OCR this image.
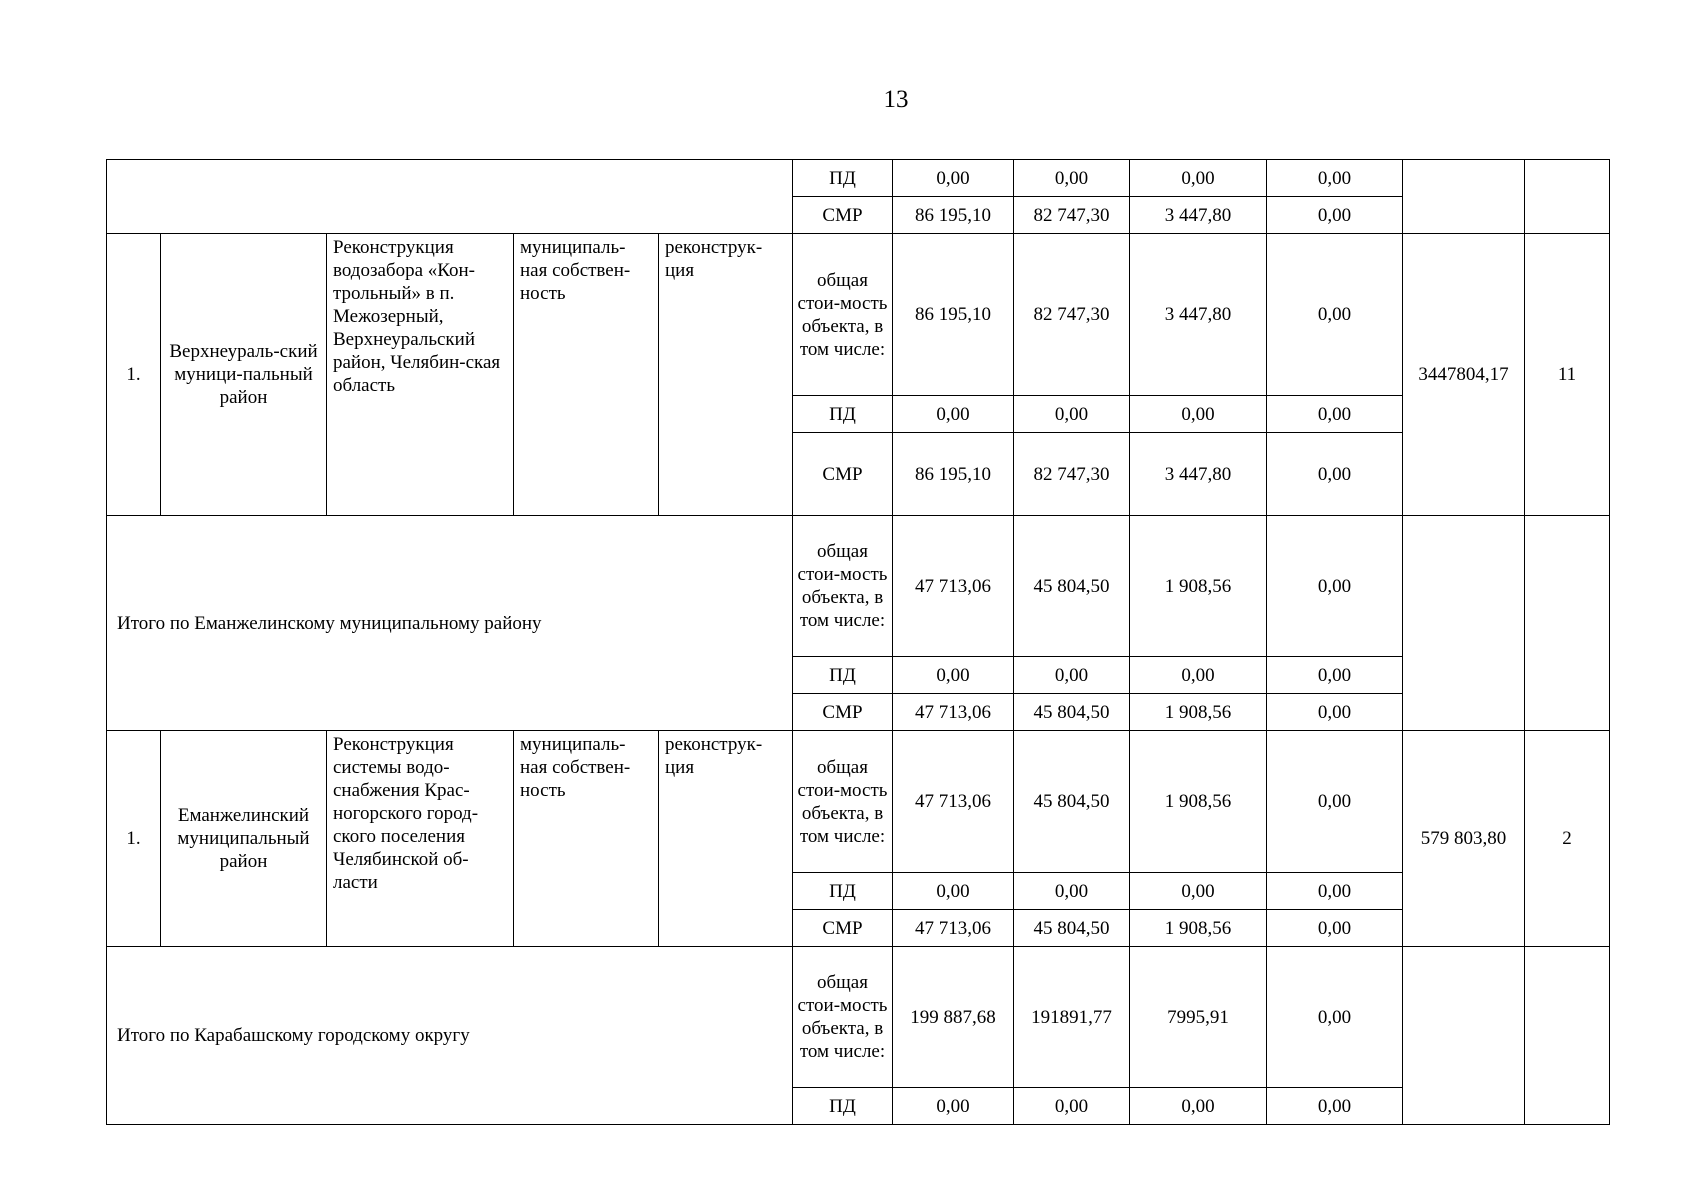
13
					ПД	0,00	0,00	0,00	0,00		
					СМР	86 195,10	82 747,30	3 447,80	0,00		
1.	Верхнеураль-ский муници-пальный район	Реконструкция водозабора «Кон-трольный» в п. Межозерный, Верхнеуральский район, Челябин-ская область	муниципаль-ная собствен-ность	реконструк-ция	общая стои-мость объекта, в том числе:	86 195,10	82 747,30	3 447,80	0,00	3447804,17	11
					ПД	0,00	0,00	0,00	0,00		
					СМР	86 195,10	82 747,30	3 447,80	0,00		
Итого по Еманжелинскому муниципальному району					общая стои-мость объекта, в том числе:	47 713,06	45 804,50	1 908,56	0,00		
					ПД	0,00	0,00	0,00	0,00		
					СМР	47 713,06	45 804,50	1 908,56	0,00		
1.	Еманжелинский муниципальный район	Реконструкция системы водо-снабжения Крас-ногорского город-ского поселения Челябинской об-ласти	муниципаль-ная собствен-ность	реконструк-ция	общая стои-мость объекта, в том числе:	47 713,06	45 804,50	1 908,56	0,00	579 803,80	2
					ПД	0,00	0,00	0,00	0,00		
					СМР	47 713,06	45 804,50	1 908,56	0,00		
Итого по Карабашскому городскому округу					общая стои-мость объекта, в том числе:	199 887,68	191891,77	7995,91	0,00		
					ПД	0,00	0,00	0,00	0,00		
